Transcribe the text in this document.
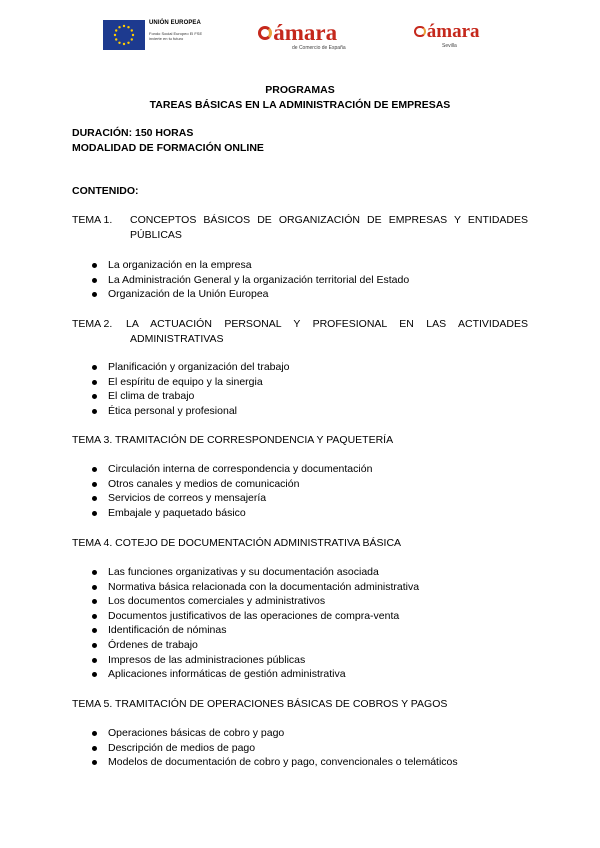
UNIÓN EUROPEA
Fondo Social Europeo El FSE invierte en tu futuro	ámara
de Comercio de España
ámara
Sevilla
PROGRAMAS
TAREAS BÁSICAS EN LA ADMINISTRACIÓN DE EMPRESAS
DURACIÓN: 150 HORAS
MODALIDAD DE FORMACIÓN ONLINE
CONTENIDO:
TEMA 1.	CONCEPTOS BÁSICOS DE ORGANIZACIÓN DE EMPRESAS Y ENTIDADES
PÚBLICAS
La organización en la empresa
La Administración General y la organización territorial del Estado
Organización de la Unión Europea
TEMA 2.	LA ACTUACIÓN PERSONAL Y PROFESIONAL EN LAS ACTIVIDADES
ADMINISTRATIVAS
Planificación y organización del trabajo
El espíritu de equipo y la sinergia
El clima de trabajo
Ética personal y profesional
TEMA 3. TRAMITACIÓN DE CORRESPONDENCIA Y PAQUETERÍA
Circulación interna de correspondencia y documentación
Otros canales y medios de comunicación
Servicios de correos y mensajería
Embajale y paquetado básico
TEMA 4. COTEJO DE DOCUMENTACIÓN ADMINISTRATIVA BÁSICA
Las funciones organizativas y su documentación asociada
Normativa básica relacionada con la documentación administrativa
Los documentos comerciales y administrativos
Documentos justificativos de las operaciones de compra-venta
Identificación de nóminas
Órdenes de trabajo
Impresos de las administraciones públicas
Aplicaciones informáticas de gestión administrativa
TEMA 5. TRAMITACIÓN DE OPERACIONES BÁSICAS DE COBROS Y PAGOS
Operaciones básicas de cobro y pago
Descripción de medios de pago
Modelos de documentación de cobro y pago, convencionales o telemáticos
